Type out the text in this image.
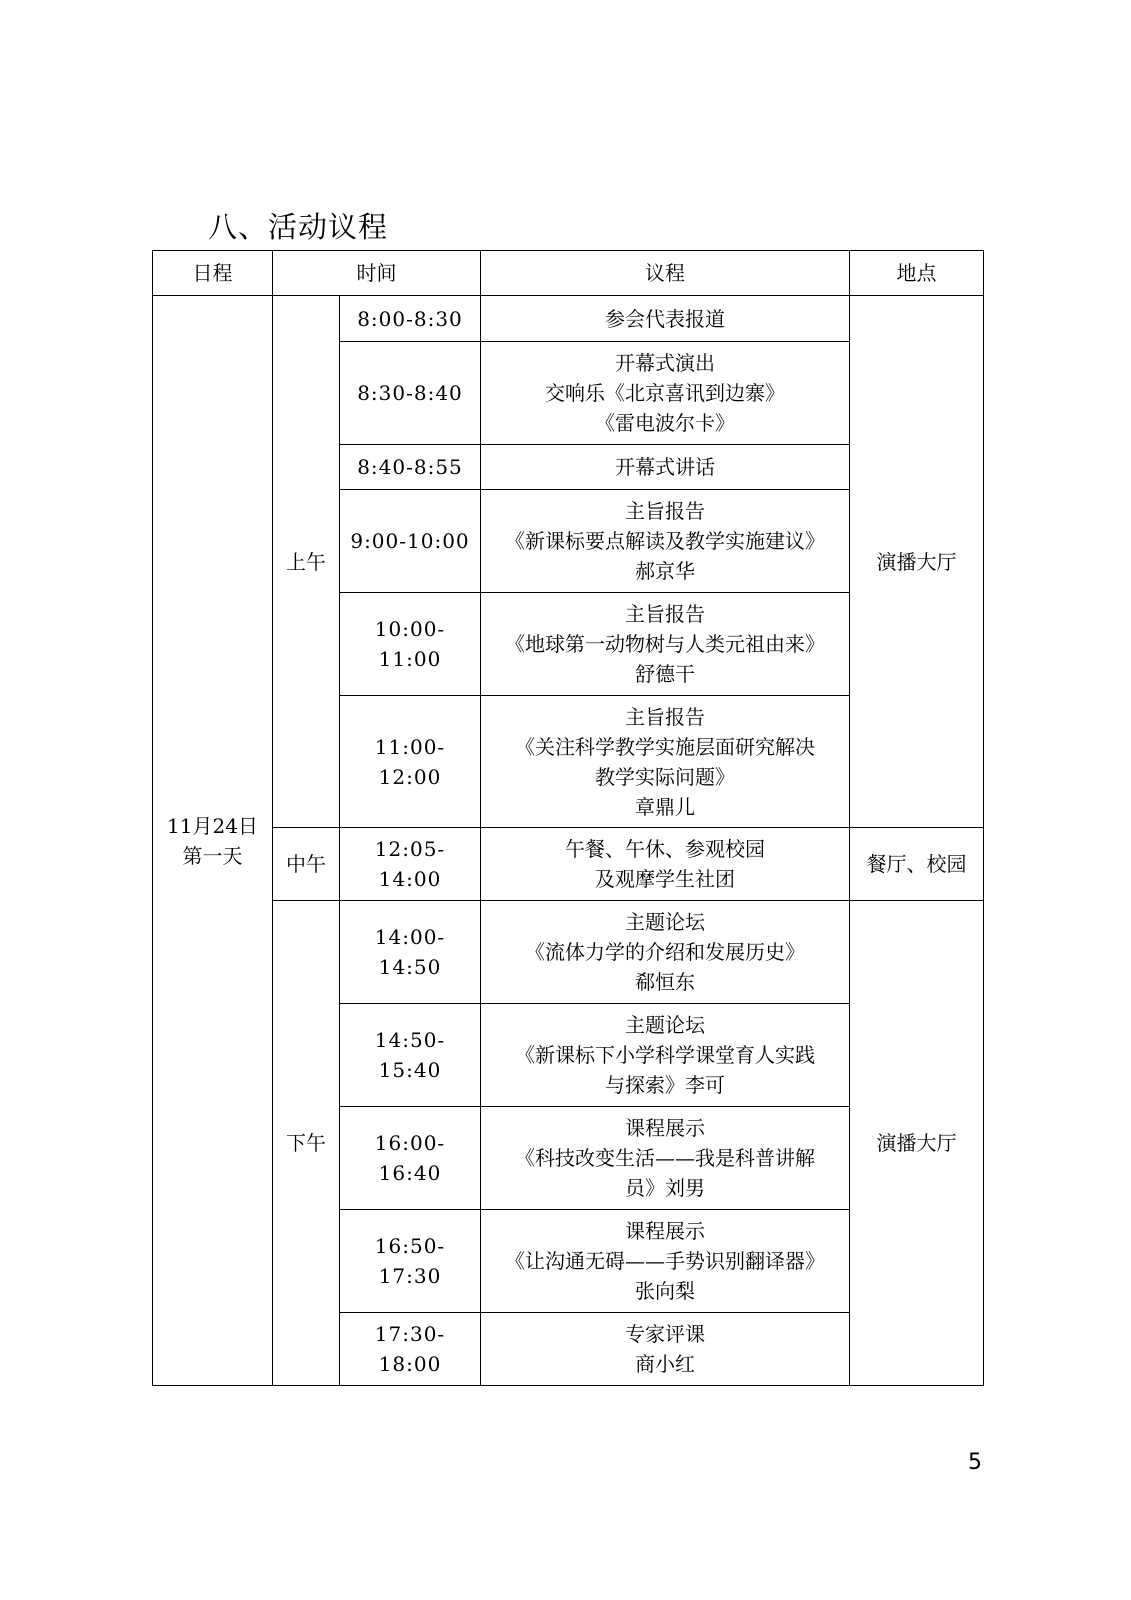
八、活动议程
日程	时间		议程	地点

11月24日
第一天	上午	8:00-8:30	参会代表报道	演播大厅
		8:30-8:40	开幕式演出
交响乐《北京喜讯到边寨》
《雷电波尔卡》	

		8:40-8:55	开幕式讲话	

		9:00-10:00	主旨报告
《新课标要点解读及教学实施建议》
郝京华	

		10:00-11:00	主旨报告
《地球第一动物树与人类元祖由来》
舒德干	

		11:00-12:00	主旨报告
《关注科学教学实施层面研究解决
教学实际问题》
章鼎儿	

	中午	12:05-14:00	午餐、午休、参观校园
及观摩学生社团	餐厅、校园
	下午	14:00-14:50	主题论坛
《流体力学的介绍和发展历史》
郗恒东	演播大厅
		14:50-15:40	主题论坛
《新课标下小学科学课堂育人实践
与探索》李可	

		16:00-16:40	课程展示
《科技改变生活——我是科普讲解
员》刘男	

		16:50-17:30	课程展示
《让沟通无碍——手势识别翻译器》
张向梨	

		17:30-18:00	专家评课
商小红	
5
